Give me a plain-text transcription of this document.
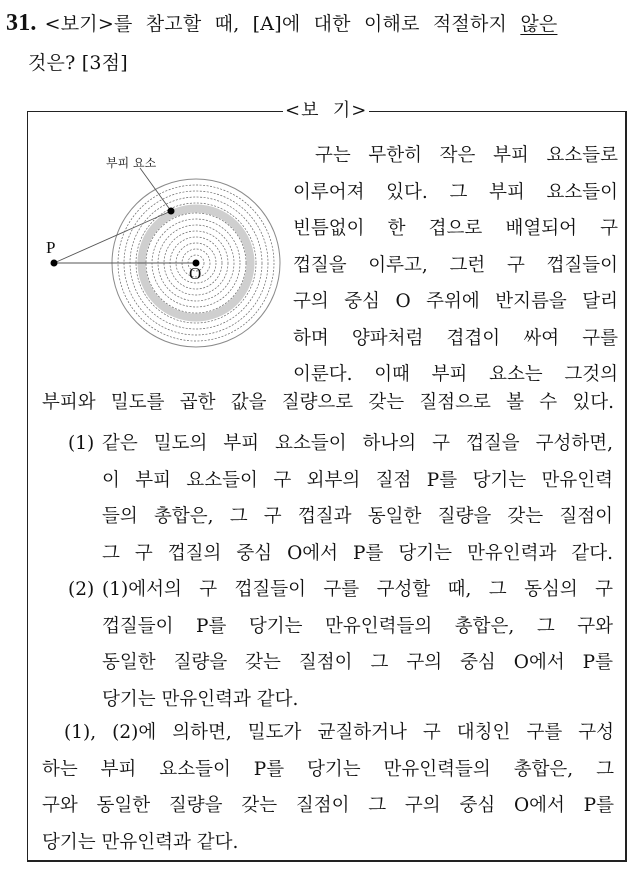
31. <보기>를 참고할 때, [A]에 대한 이해로 적절하지
않은
것은? [3점]
<보  기>
부피 요소
P
O
구는 무한히 작은 부피 요소들로
이루어져 있다. 그 부피 요소들이
빈틈없이 한 겹으로 배열되어 구
껍질을 이루고, 그런 구 껍질들이
구의 중심 O 주위에 반지름을 달리
하며 양파처럼 겹겹이 싸여 구를
이룬다. 이때 부피 요소는 그것의
부피와 밀도를 곱한 값을 질량으로 갖는 질점으로 볼 수 있다.
(1) 같은 밀도의 부피 요소들이 하나의 구 껍질을 구성하면,
이 부피 요소들이 구 외부의 질점 P를 당기는 만유인력
들의 총합은, 그 구 껍질과 동일한 질량을 갖는 질점이
그 구 껍질의 중심 O에서 P를 당기는 만유인력과 같다.
(2) (1)에서의 구 껍질들이 구를 구성할 때, 그 동심의 구
껍질들이 P를 당기는 만유인력들의 총합은, 그 구와
동일한 질량을 갖는 질점이 그 구의 중심 O에서 P를
당기는 만유인력과 같다.
(1), (2)에 의하면, 밀도가 균질하거나 구 대칭인 구를 구성
하는 부피 요소들이 P를 당기는 만유인력들의 총합은, 그
구와 동일한 질량을 갖는 질점이 그 구의 중심 O에서 P를
당기는 만유인력과 같다.
